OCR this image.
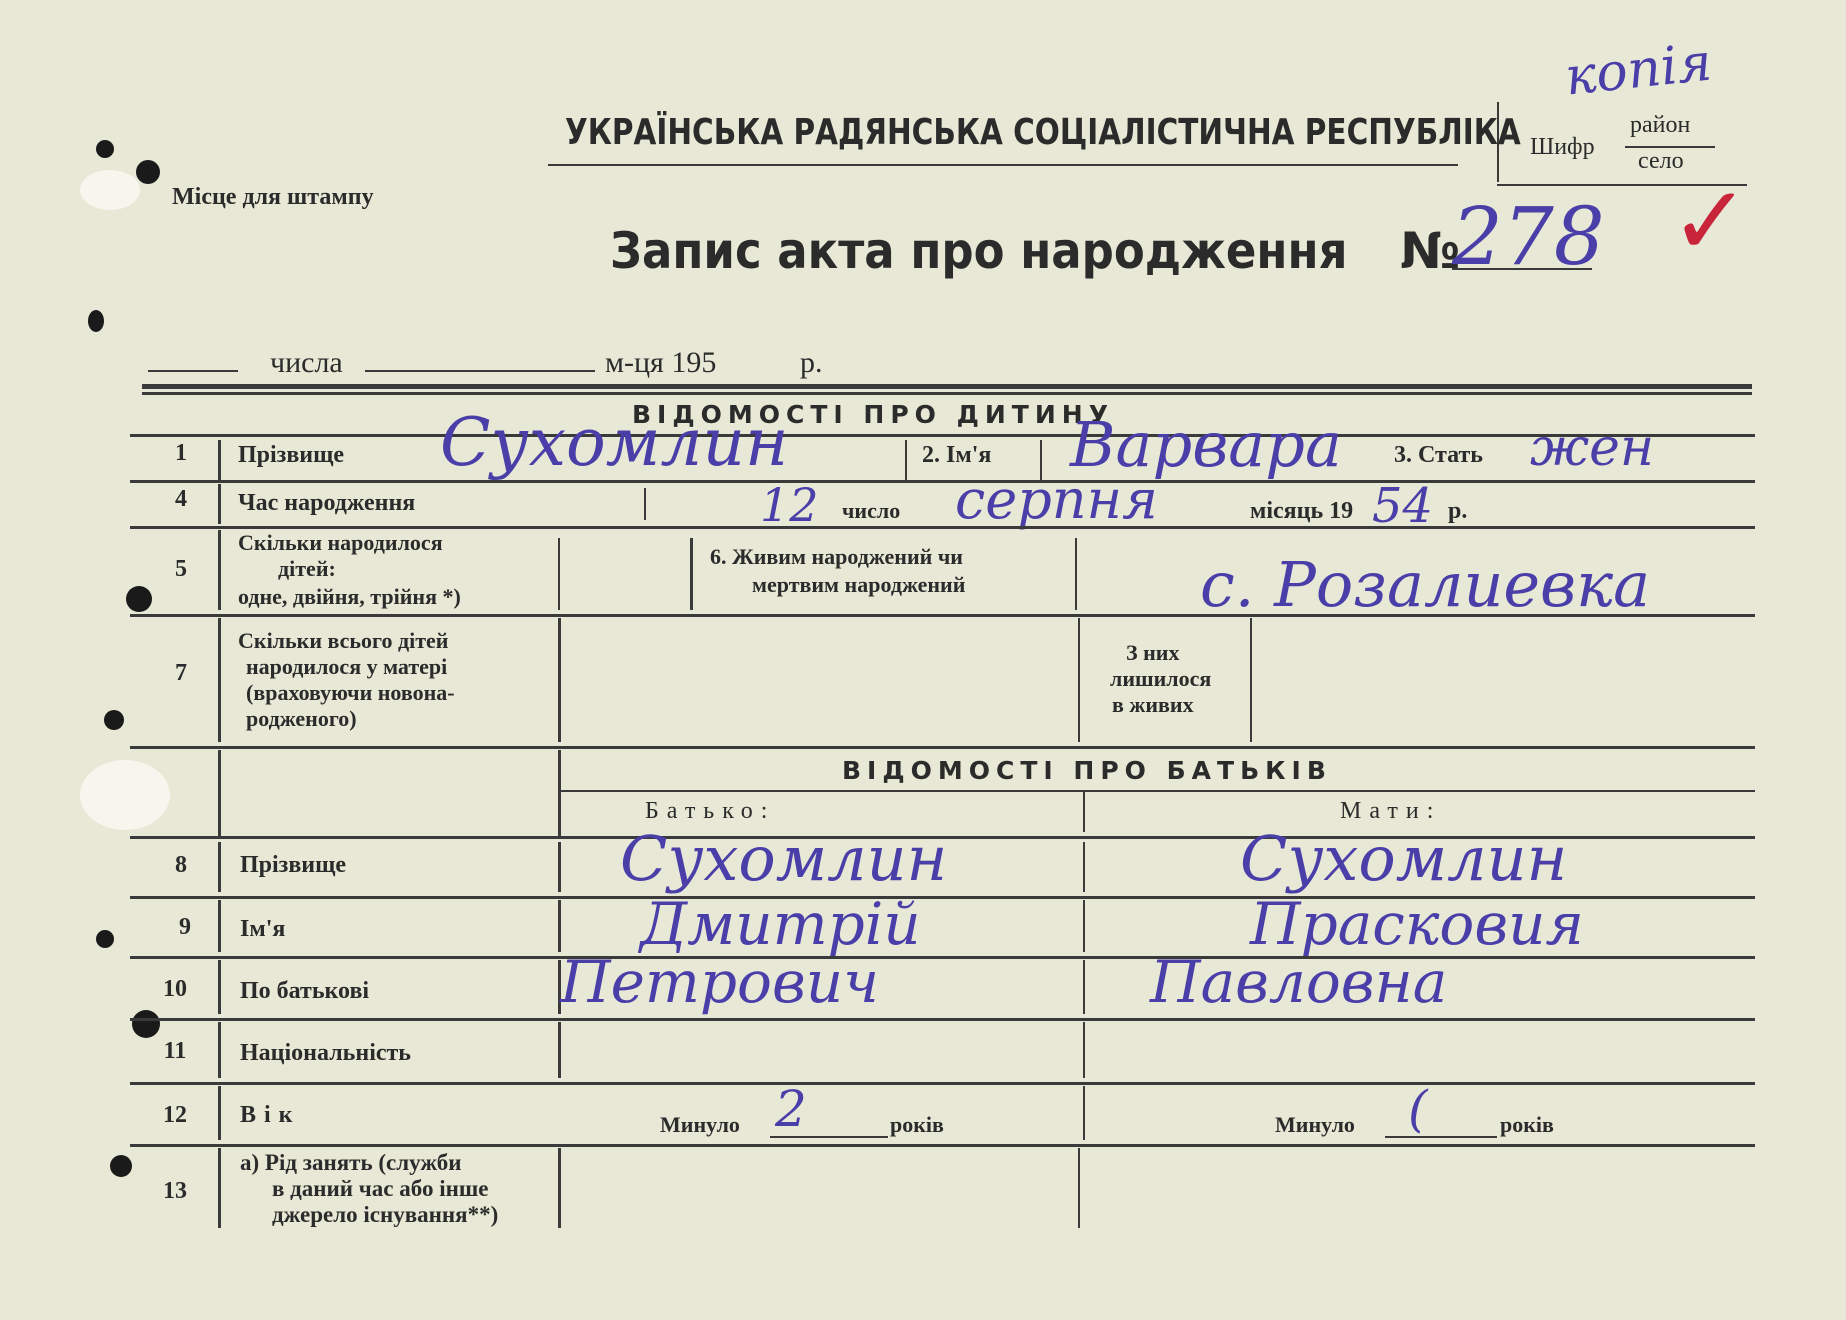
УКРАЇНСЬКА РАДЯНСЬКА СОЦІАЛІСТИЧНА РЕСПУБЛІКА Шифр
район
село
копія
✓
Місце для штампу
Запис акта про народження №
278
числа	м-ця 195	р.
ВІДОМОСТІ ПРО ДИТИНУ
1	Прізвище Сухомлин	2. Ім'я Варвара 3. Стать жен
4	Час народження	12 число серпня	місяць 19 54 р.
5
Скільки народилося
дітей:
одне, двійня, трійня *)
6. Живим народжений чи
мертвим народжений	с. Розалиевка
7
Скільки всього дітей
народилося у матері
(враховуючи новона-
родженого)
З них
лишилося
в живих
ВІДОМОСТІ ПРО БАТЬКІВ
Батько:	Мати:
8	Прізвище	Сухомлин	Сухомлин
9	Ім'я	Дмитрій	Прасковия
10	По батькові	Петрович	Павловна
11	Національність
12	Вік	Минуло 2	років	Минуло (	років
13
а) Рід занять (служби
в даний час або інше
джерело існування**)
